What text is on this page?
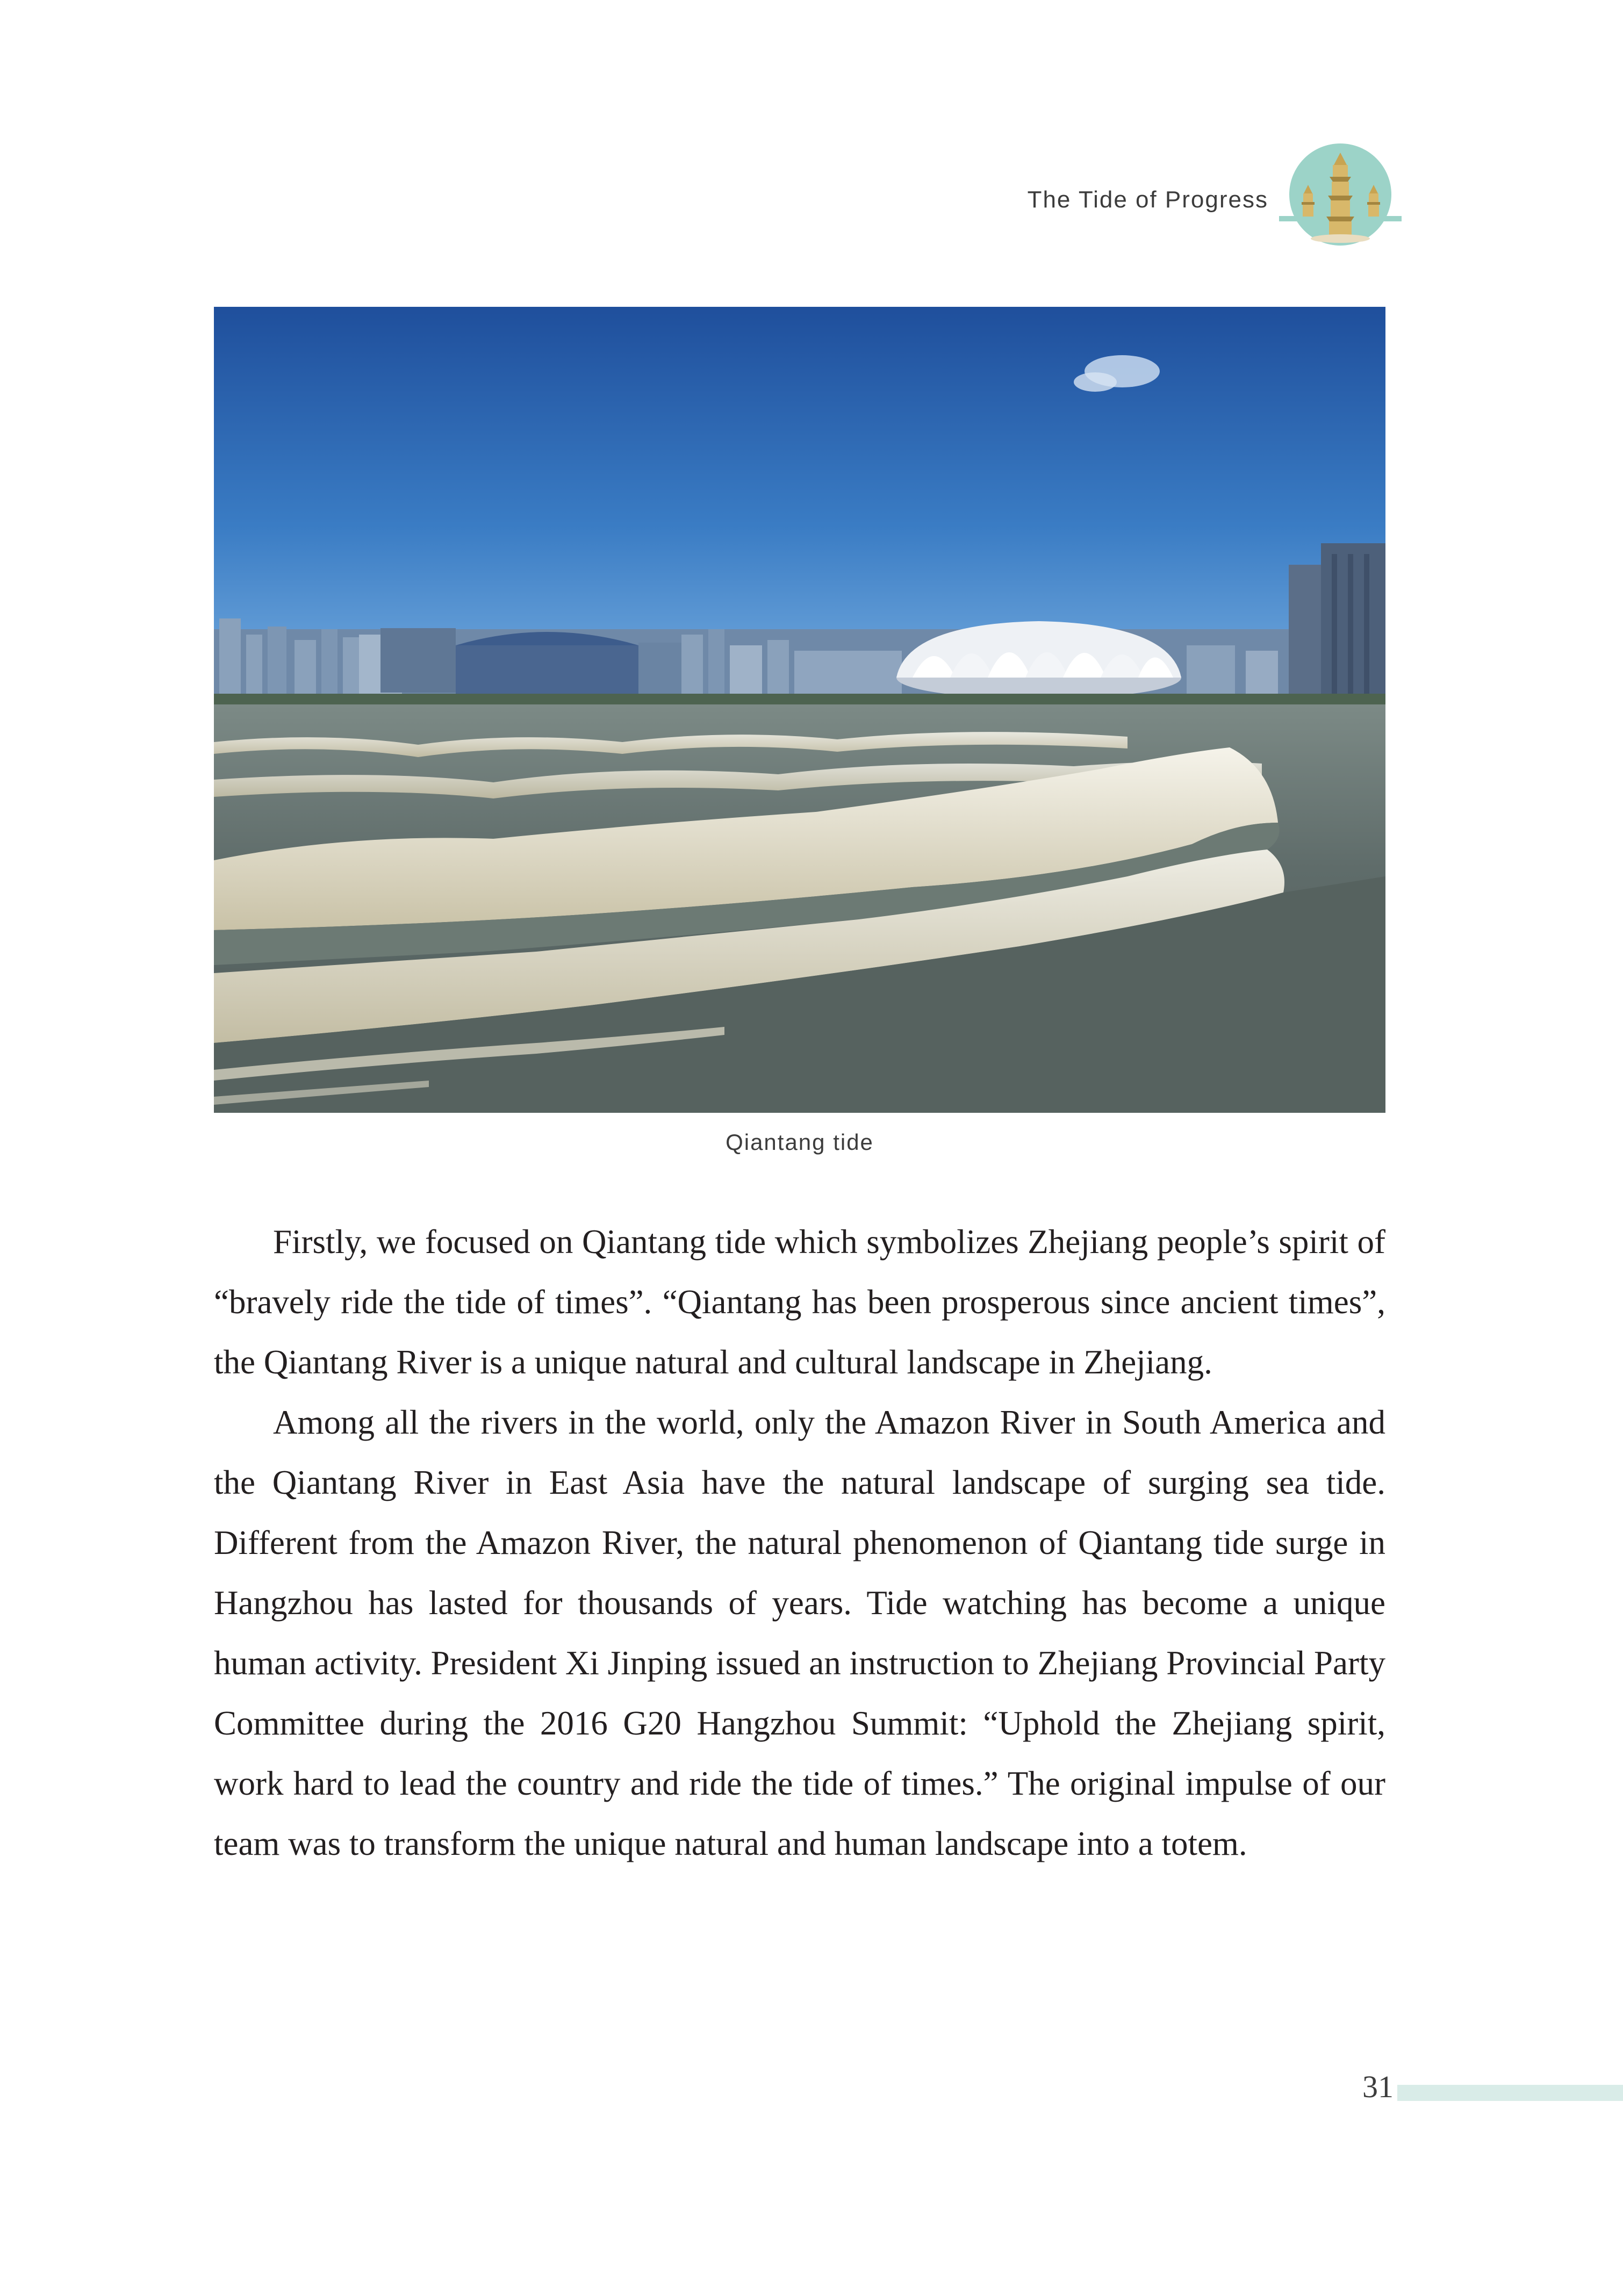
The Tide of Progress
Qiantang tide

Firstly, we focused on Qiantang tide which symbolizes Zhejiang people’s spirit of “bravely ride the tide of times”. “Qiantang has been prosperous since ancient times”, the Qiantang River is a unique natural and cultural landscape in Zhejiang.

Among all the rivers in the world, only the Amazon River in South America and the Qiantang River in East Asia have the natural landscape of surging sea tide. Different from the Amazon River, the natural phenomenon of Qiantang tide surge in Hangzhou has lasted for thousands of years. Tide watching has become a unique human activity. President Xi Jinping issued an instruction to Zhejiang Provincial Party Committee during the 2016 G20 Hangzhou Summit: “Uphold the Zhejiang spirit, work hard to lead the country and ride the tide of times.” The original impulse of our team was to transform the unique natural and human landscape into a totem.

31
